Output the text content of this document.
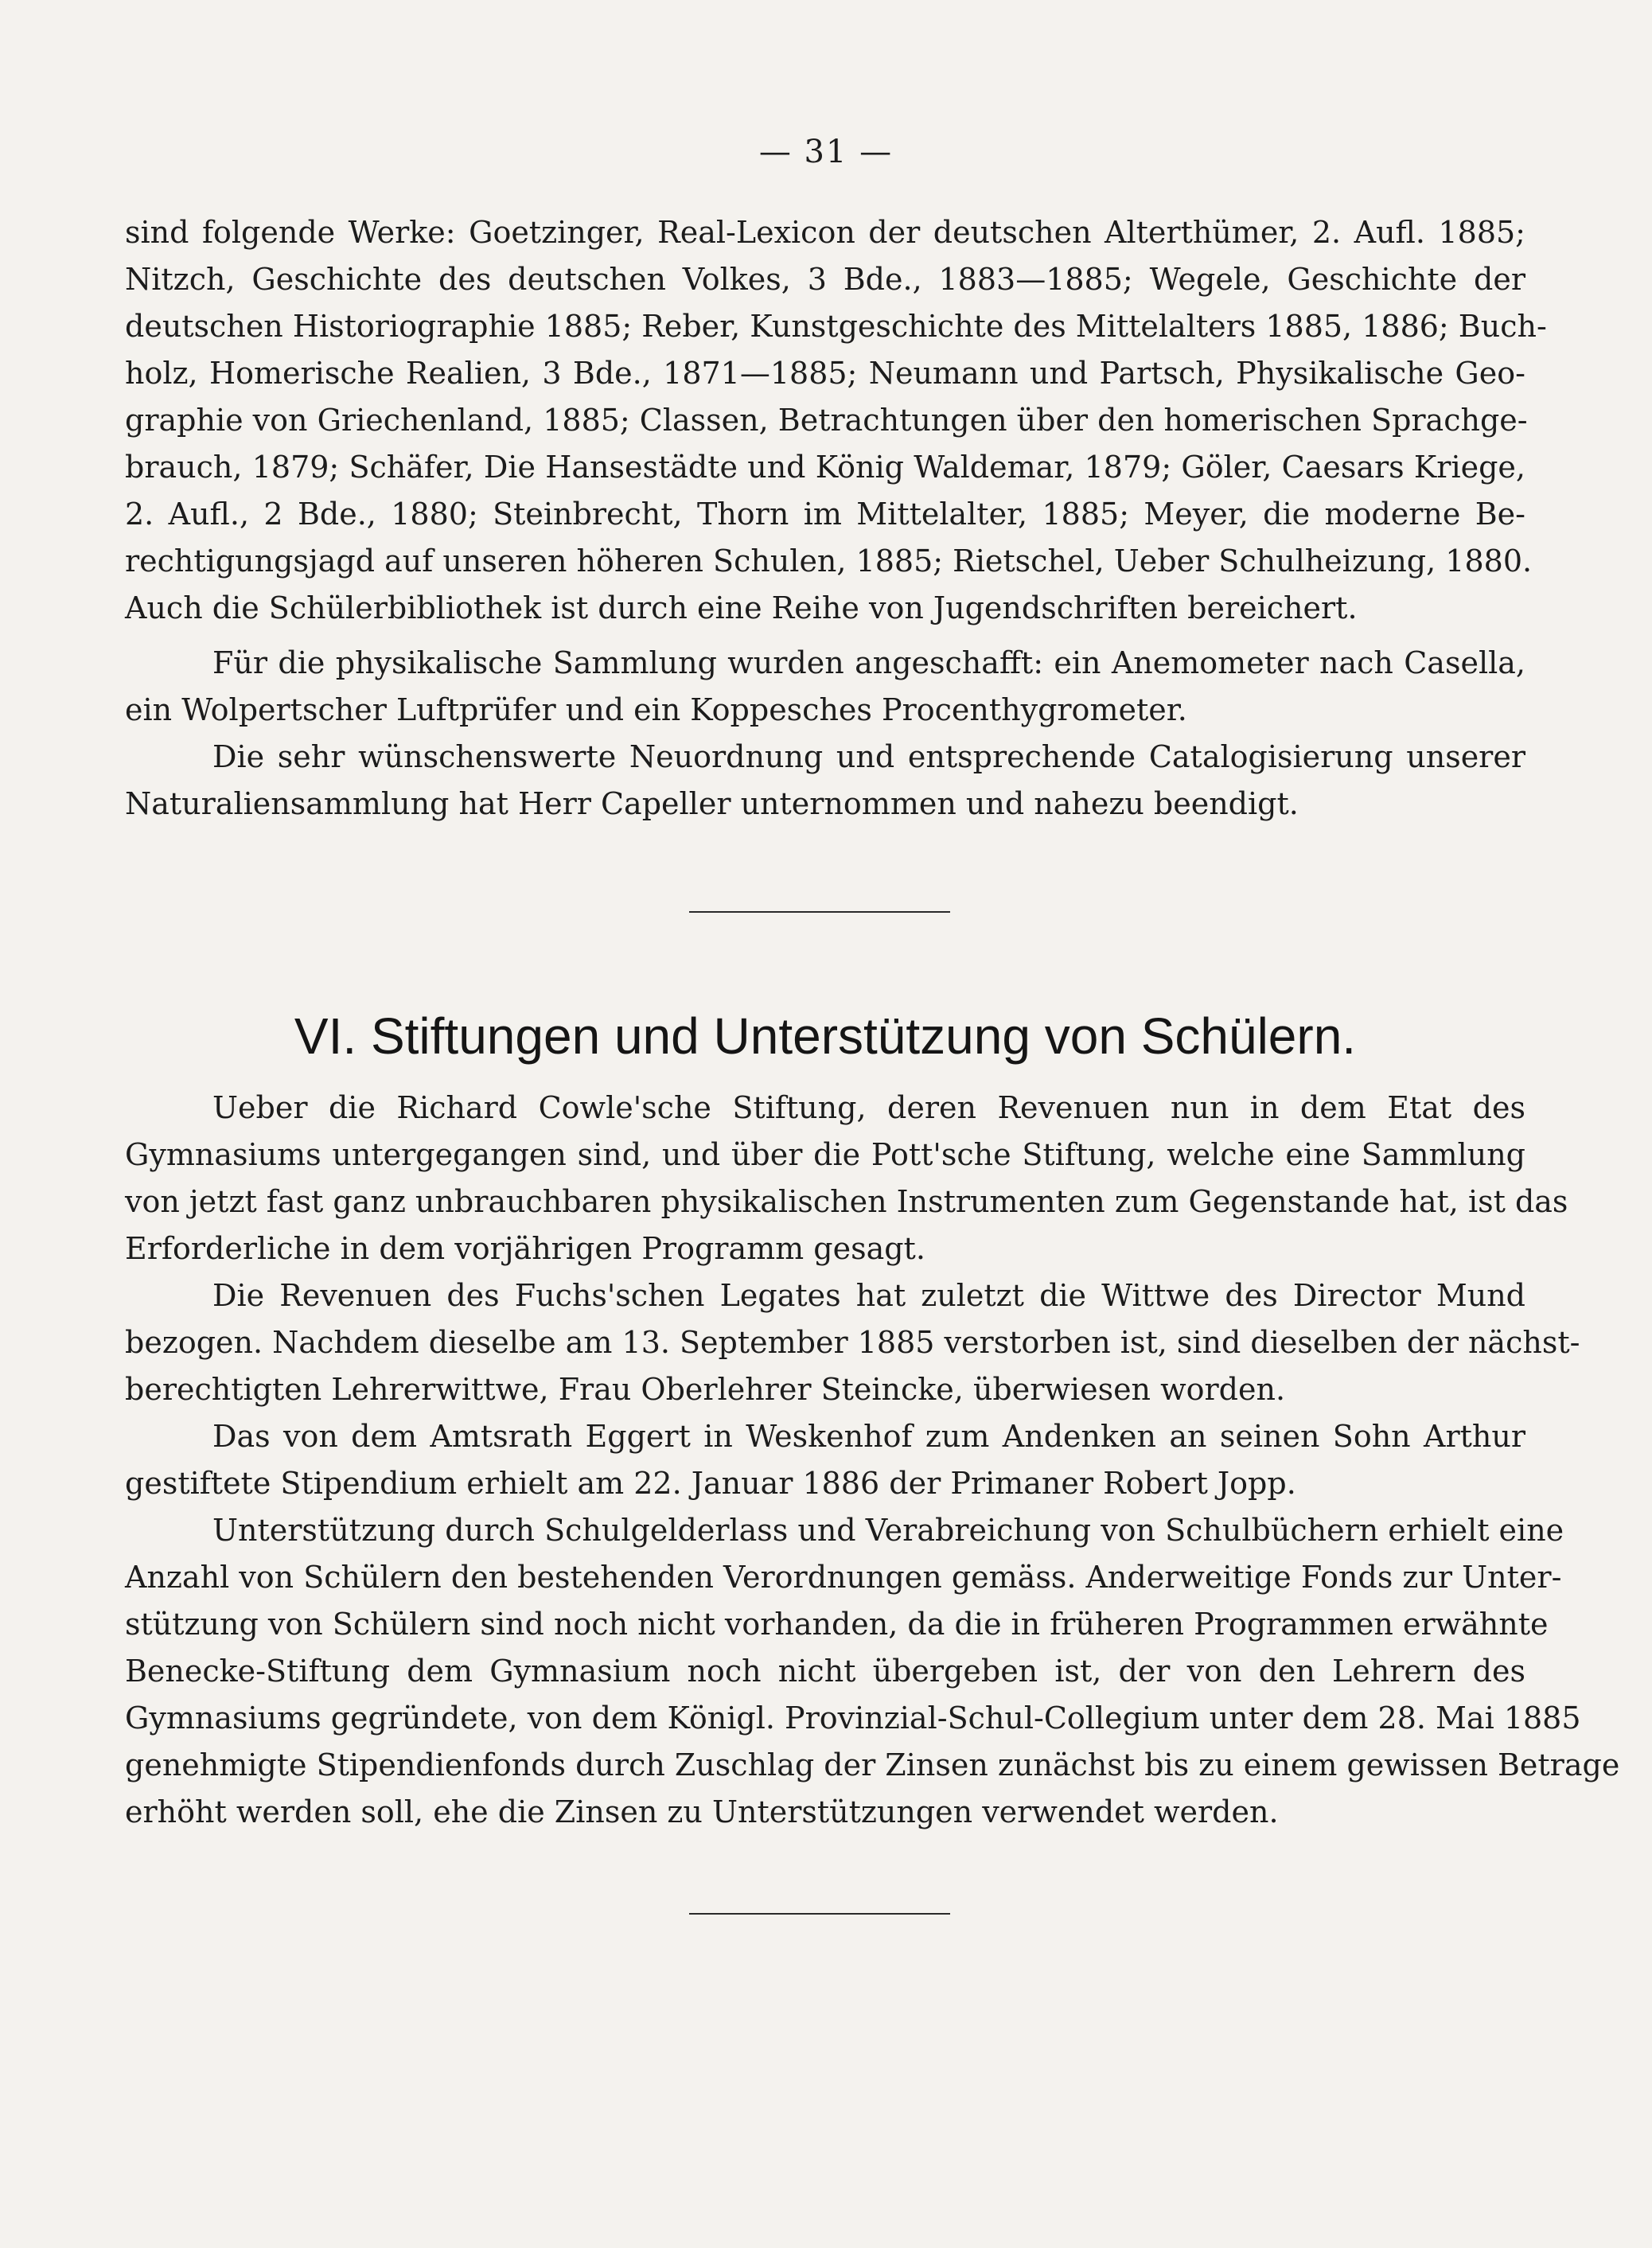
— 31 —
sind folgende Werke: Goetzinger, Real-Lexicon der deutschen Alterthümer, 2. Aufl. 1885;
Nitzch, Geschichte des deutschen Volkes, 3 Bde., 1883—1885; Wegele, Geschichte der
deutschen Historiographie 1885; Reber, Kunstgeschichte des Mittelalters 1885, 1886; Buch-
holz, Homerische Realien, 3 Bde., 1871—1885; Neumann und Partsch, Physikalische Geo-
graphie von Griechenland, 1885; Classen, Betrachtungen über den homerischen Sprachge-
brauch, 1879; Schäfer, Die Hansestädte und König Waldemar, 1879; Göler, Caesars Kriege,
2. Aufl., 2 Bde., 1880; Steinbrecht, Thorn im Mittelalter, 1885; Meyer, die moderne Be-
rechtigungsjagd auf unseren höheren Schulen, 1885; Rietschel, Ueber Schulheizung, 1880.
Auch die Schülerbibliothek ist durch eine Reihe von Jugendschriften bereichert.
Für die physikalische Sammlung wurden angeschafft: ein Anemometer nach Casella,
ein Wolpertscher Luftprüfer und ein Koppesches Procenthygrometer.
Die sehr wünschenswerte Neuordnung und entsprechende Catalogisierung unserer
Naturaliensammlung hat Herr Capeller unternommen und nahezu beendigt.
VI. Stiftungen und Unterstützung von Schülern.
Ueber die Richard Cowle'sche Stiftung, deren Revenuen nun in dem Etat des
Gymnasiums untergegangen sind, und über die Pott'sche Stiftung, welche eine Sammlung
von jetzt fast ganz unbrauchbaren physikalischen Instrumenten zum Gegenstande hat, ist das
Erforderliche in dem vorjährigen Programm gesagt.
Die Revenuen des Fuchs'schen Legates hat zuletzt die Wittwe des Director Mund
bezogen. Nachdem dieselbe am 13. September 1885 verstorben ist, sind dieselben der nächst-
berechtigten Lehrerwittwe, Frau Oberlehrer Steincke, überwiesen worden.
Das von dem Amtsrath Eggert in Weskenhof zum Andenken an seinen Sohn Arthur
gestiftete Stipendium erhielt am 22. Januar 1886 der Primaner Robert Jopp.
Unterstützung durch Schulgelderlass und Verabreichung von Schulbüchern erhielt eine
Anzahl von Schülern den bestehenden Verordnungen gemäss. Anderweitige Fonds zur Unter-
stützung von Schülern sind noch nicht vorhanden, da die in früheren Programmen erwähnte
Benecke-Stiftung dem Gymnasium noch nicht übergeben ist, der von den Lehrern des
Gymnasiums gegründete, von dem Königl. Provinzial-Schul-Collegium unter dem 28. Mai 1885
genehmigte Stipendienfonds durch Zuschlag der Zinsen zunächst bis zu einem gewissen Betrage
erhöht werden soll, ehe die Zinsen zu Unterstützungen verwendet werden.
